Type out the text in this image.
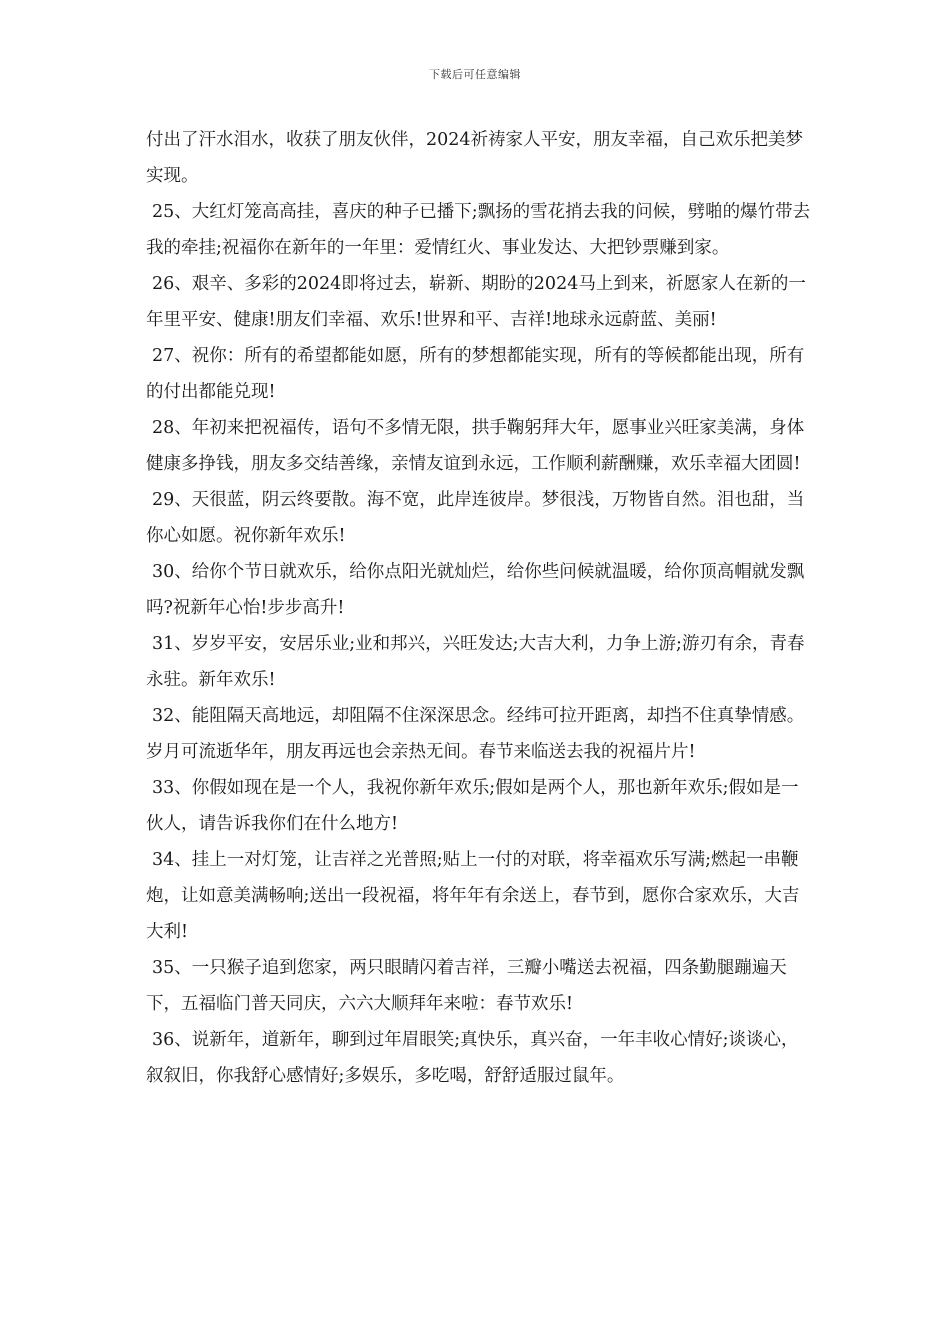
下载后可任意编辑

付出了汗水泪水，收获了朋友伙伴，2024祈祷家人平安，朋友幸福，自己欢乐把美梦实现。

25、大红灯笼高高挂，喜庆的种子已播下;飘扬的雪花捎去我的问候，劈啪的爆竹带去我的牵挂;祝福你在新年的一年里：爱情红火、事业发达、大把钞票赚到家。

26、艰辛、多彩的2024即将过去，崭新、期盼的2024马上到来，祈愿家人在新的一年里平安、健康!朋友们幸福、欢乐!世界和平、吉祥!地球永远蔚蓝、美丽!

27、祝你：所有的希望都能如愿，所有的梦想都能实现，所有的等候都能出现，所有的付出都能兑现!

28、年初来把祝福传，语句不多情无限，拱手鞠躬拜大年，愿事业兴旺家美满，身体健康多挣钱，朋友多交结善缘，亲情友谊到永远，工作顺利薪酬赚，欢乐幸福大团圆!

29、天很蓝，阴云终要散。海不宽，此岸连彼岸。梦很浅，万物皆自然。泪也甜，当你心如愿。祝你新年欢乐!

30、给你个节日就欢乐，给你点阳光就灿烂，给你些问候就温暖，给你顶高帽就发飘吗?祝新年心怡!步步高升!

31、岁岁平安，安居乐业;业和邦兴，兴旺发达;大吉大利，力争上游;游刃有余，青春永驻。新年欢乐!

32、能阻隔天高地远，却阻隔不住深深思念。经纬可拉开距离，却挡不住真挚情感。岁月可流逝华年，朋友再远也会亲热无间。春节来临送去我的祝福片片!

33、你假如现在是一个人，我祝你新年欢乐;假如是两个人，那也新年欢乐;假如是一伙人，请告诉我你们在什么地方!

34、挂上一对灯笼，让吉祥之光普照;贴上一付的对联，将幸福欢乐写满;燃起一串鞭炮，让如意美满畅响;送出一段祝福，将年年有余送上，春节到，愿你合家欢乐，大吉大利!

35、一只猴子追到您家，两只眼睛闪着吉祥，三瓣小嘴送去祝福，四条勤腿蹦遍天下，五福临门普天同庆，六六大顺拜年来啦：春节欢乐!

36、说新年，道新年，聊到过年眉眼笑;真快乐，真兴奋，一年丰收心情好;谈谈心，叙叙旧，你我舒心感情好;多娱乐，多吃喝，舒舒适服过鼠年。
